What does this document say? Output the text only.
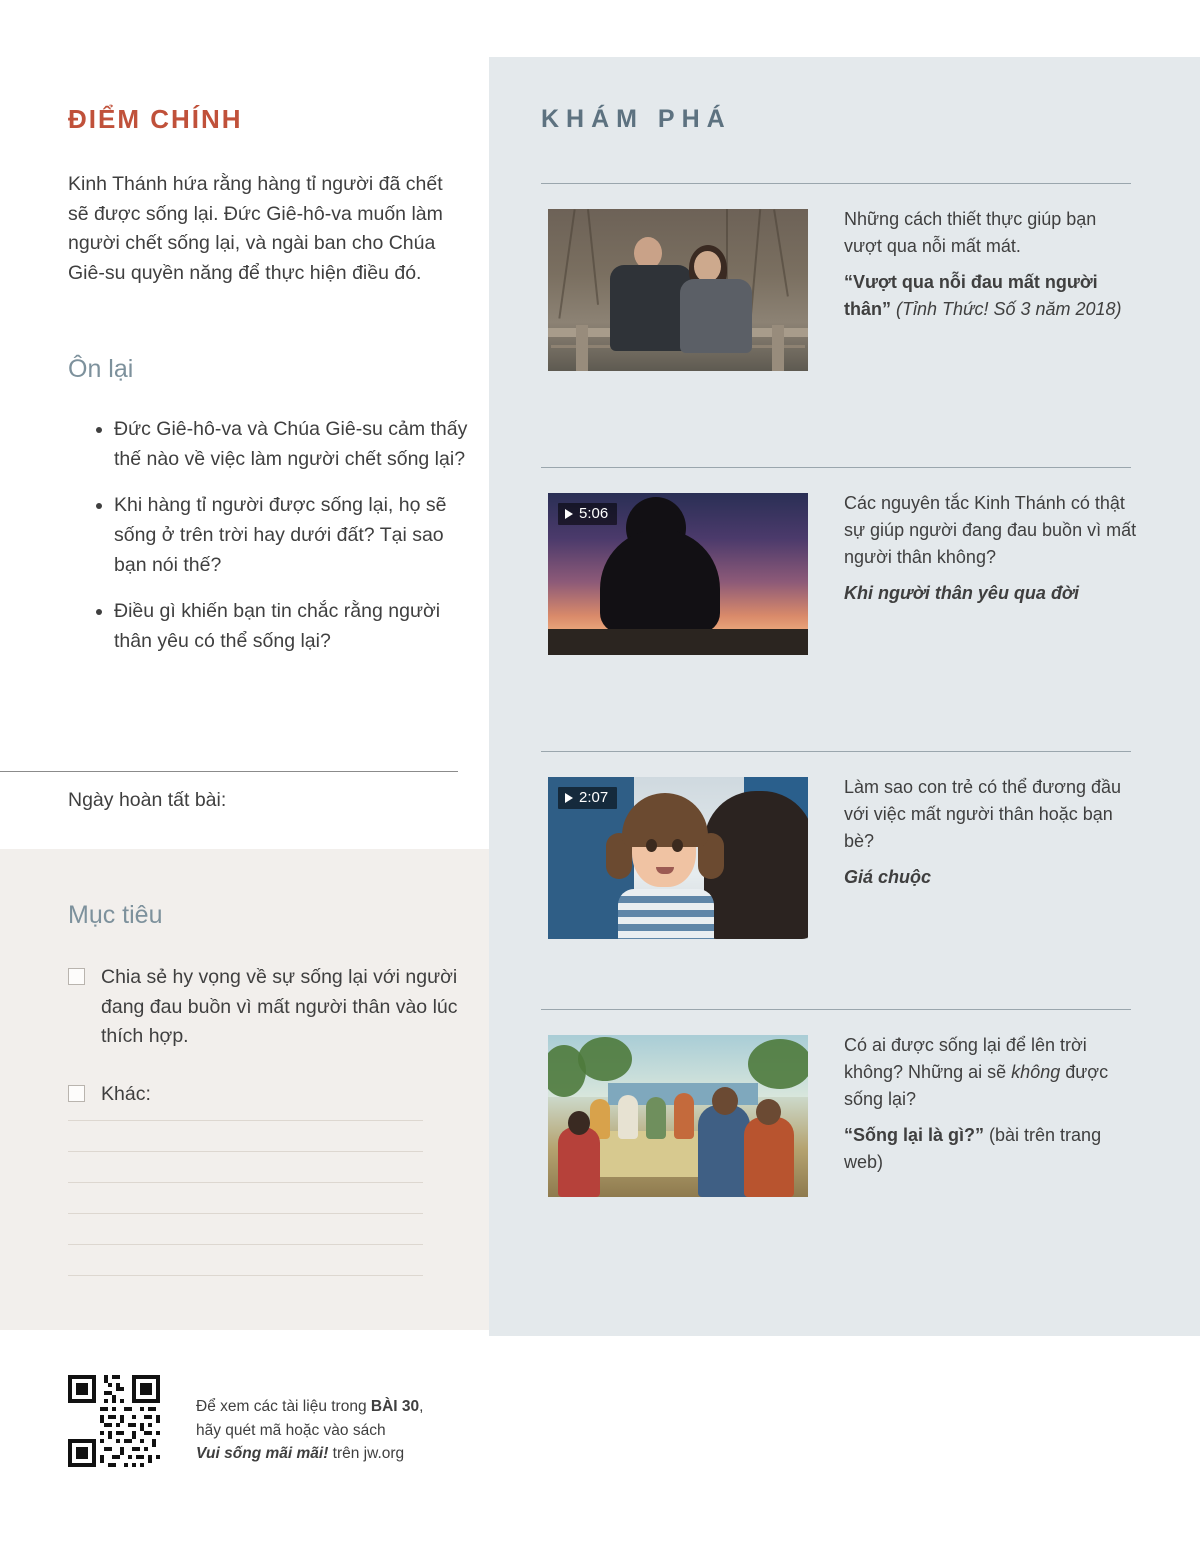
ĐIỂM CHÍNH
Kinh Thánh hứa rằng hàng tỉ người đã chết sẽ được sống lại. Đức Giê-hô-va muốn làm người chết sống lại, và ngài ban cho Chúa Giê-su quyền năng để thực hiện điều đó.
Ôn lại
• Đức Giê-hô-va và Chúa Giê-su cảm thấy thế nào về việc làm người chết sống lại?
• Khi hàng tỉ người được sống lại, họ sẽ sống ở trên trời hay dưới đất? Tại sao bạn nói thế?
• Điều gì khiến bạn tin chắc rằng người thân yêu có thể sống lại?
Ngày hoàn tất bài:
Mục tiêu
Chia sẻ hy vọng về sự sống lại với người đang đau buồn vì mất người thân vào lúc thích hợp.
Khác:
Để xem các tài liệu trong BÀI 30,
hãy quét mã hoặc vào sách
Vui sống mãi mãi! trên jw.org
KHÁM PHÁ
Những cách thiết thực giúp bạn vượt qua nỗi mất mát.
“Vượt qua nỗi đau mất người thân” (Tỉnh Thức! Số 3 năm 2018)
5:06
Các nguyên tắc Kinh Thánh có thật sự giúp người đang đau buồn vì mất người thân không?
Khi người thân yêu qua đời
2:07
Làm sao con trẻ có thể đương đầu với việc mất người thân hoặc bạn bè?
Giá chuộc
Có ai được sống lại để lên trời không? Những ai sẽ không được sống lại?
“Sống lại là gì?” (bài trên trang web)
